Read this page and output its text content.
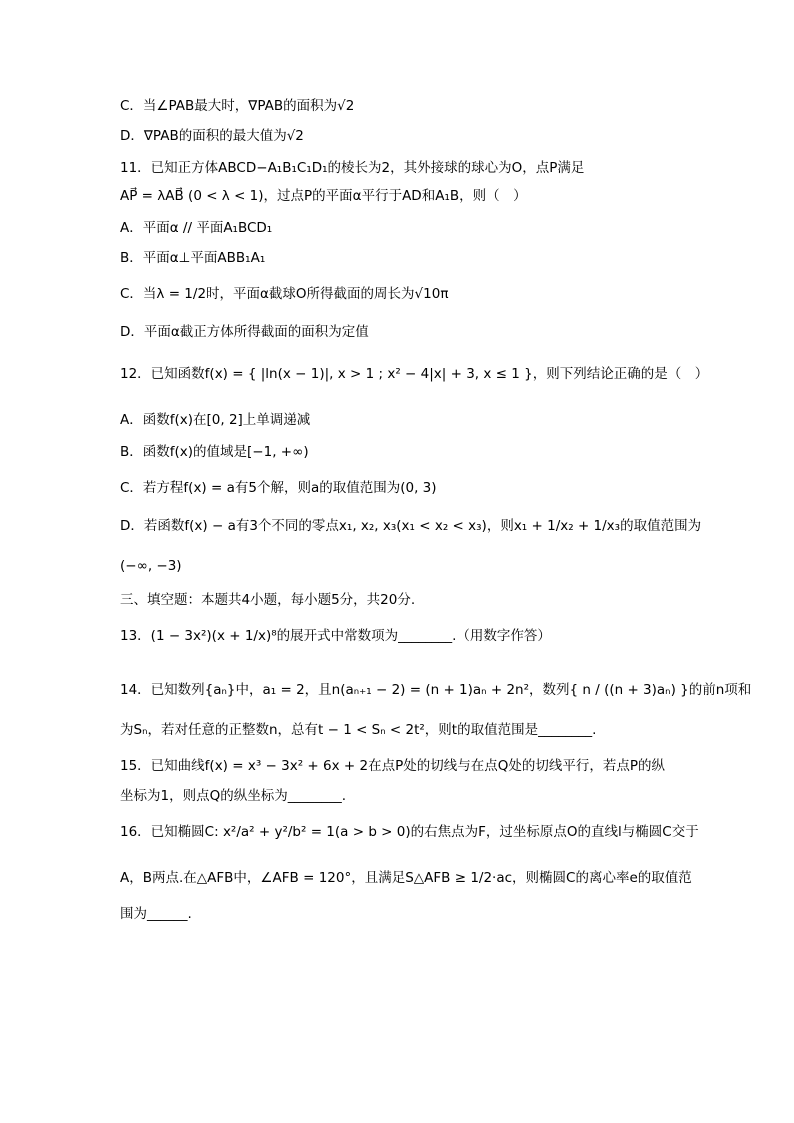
C．当∠PAB最大时，∇PAB的面积为√2
D．∇PAB的面积的最大值为√2
11．已知正方体ABCD−A₁B₁C₁D₁的棱长为2，其外接球的球心为O，点P满足
AP⃗ = λAB⃗ (0 < λ < 1)，过点P的平面α平行于AD和A₁B，则（　）
A．平面α // 平面A₁BCD₁
B．平面α⊥平面ABB₁A₁
C．当λ = 1/2时，平面α截球O所得截面的周长为√10π
D．平面α截正方体所得截面的面积为定值
12．已知函数f(x) = { |ln(x − 1)|, x > 1 ; x² − 4|x| + 3, x ≤ 1 }，则下列结论正确的是（　）
A．函数f(x)在[0, 2]上单调递减
B．函数f(x)的值域是[−1, +∞)
C．若方程f(x) = a有5个解，则a的取值范围为(0, 3)
D．若函数f(x) − a有3个不同的零点x₁, x₂, x₃(x₁ < x₂ < x₃)，则x₁ + 1/x₂ + 1/x₃的取值范围为
(−∞, −3)
三、填空题：本题共4小题，每小题5分，共20分.
13．(1 − 3x²)(x + 1/x)⁸的展开式中常数项为________.（用数字作答）
14．已知数列{aₙ}中，a₁ = 2，且n(aₙ₊₁ − 2) = (n + 1)aₙ + 2n²，数列{ n / ((n + 3)aₙ) }的前n项和
为Sₙ，若对任意的正整数n，总有t − 1 < Sₙ < 2t²，则t的取值范围是________.
15．已知曲线f(x) = x³ − 3x² + 6x + 2在点P处的切线与在点Q处的切线平行，若点P的纵
坐标为1，则点Q的纵坐标为________.
16．已知椭圆C: x²/a² + y²/b² = 1(a > b > 0)的右焦点为F，过坐标原点O的直线l与椭圆C交于
A，B两点.在△AFB中，∠AFB = 120°，且满足S△AFB ≥ 1/2·ac，则椭圆C的离心率e的取值范
围为______.
